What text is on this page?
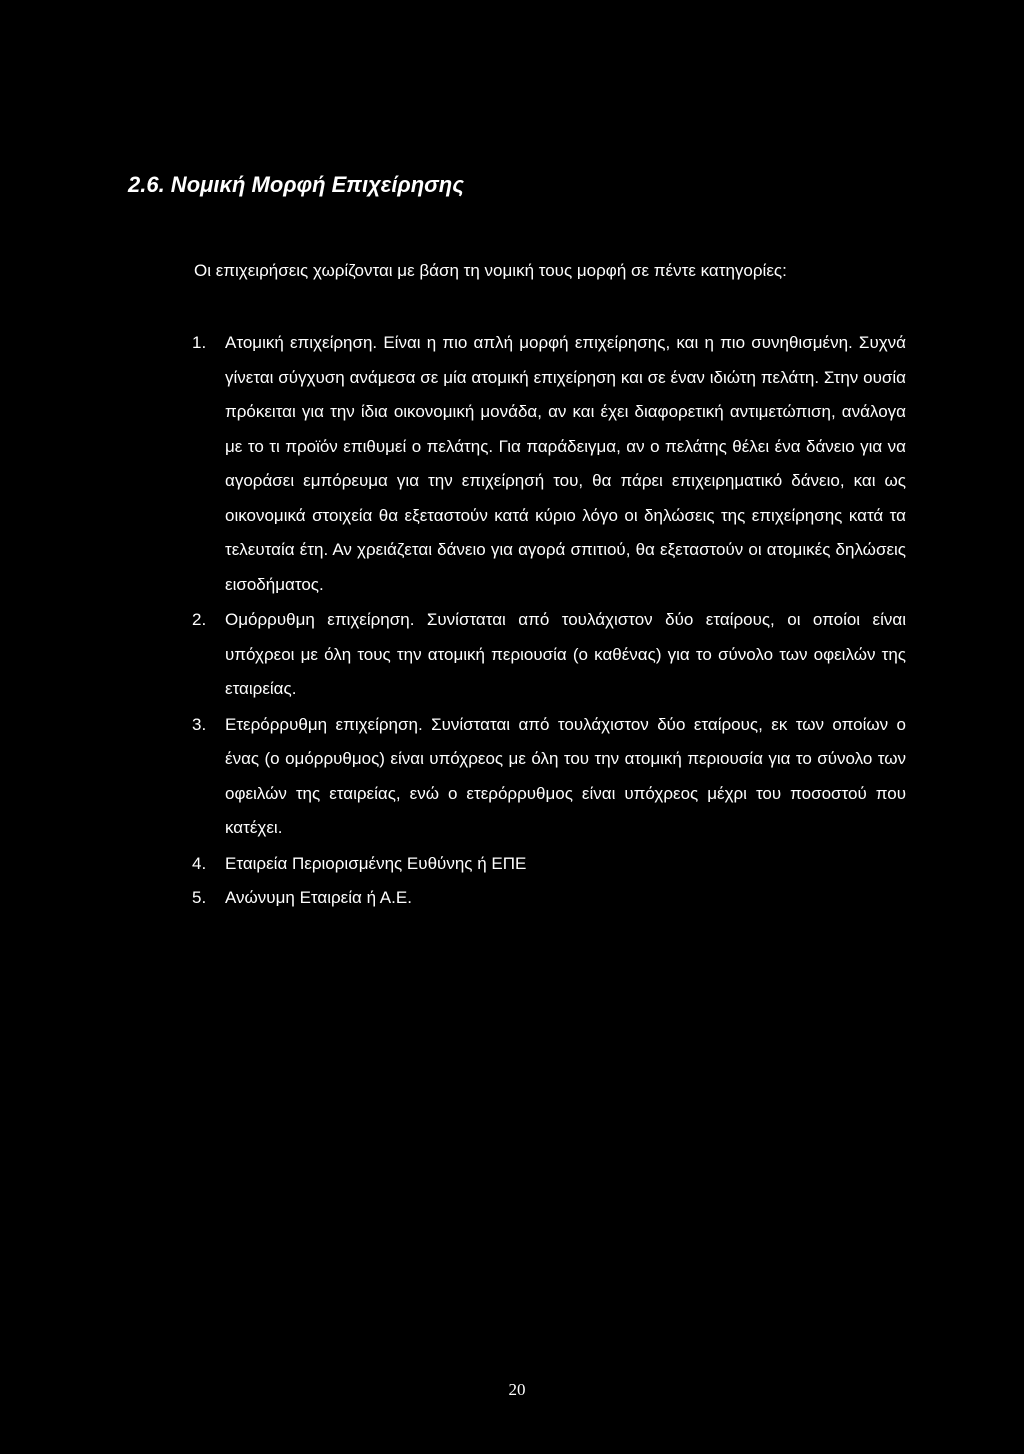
2.6. Νομική Μορφή Επιχείρησης

Οι επιχειρήσεις χωρίζονται με βάση τη νομική τους μορφή σε πέντε κατηγορίες:

1. Ατομική επιχείρηση. Είναι η πιο απλή μορφή επιχείρησης, και η πιο συνηθισμένη. Συχνά γίνεται σύγχυση ανάμεσα σε μία ατομική επιχείρηση και σε έναν ιδιώτη πελάτη. Στην ουσία πρόκειται για την ίδια οικονομική μονάδα, αν και έχει διαφορετική αντιμετώπιση, ανάλογα με το τι προϊόν επιθυμεί ο πελάτης. Για παράδειγμα, αν ο πελάτης θέλει ένα δάνειο για να αγοράσει εμπόρευμα για την επιχείρησή του, θα πάρει επιχειρηματικό δάνειο, και ως οικονομικά στοιχεία θα εξεταστούν κατά κύριο λόγο οι δηλώσεις της επιχείρησης κατά τα τελευταία έτη. Αν χρειάζεται δάνειο για αγορά σπιτιού, θα εξεταστούν οι ατομικές δηλώσεις εισοδήματος.
2. Ομόρρυθμη επιχείρηση. Συνίσταται από τουλάχιστον δύο εταίρους, οι οποίοι είναι υπόχρεοι με όλη τους την ατομική περιουσία (ο καθένας) για το σύνολο των οφειλών της εταιρείας.
3. Ετερόρρυθμη επιχείρηση. Συνίσταται από τουλάχιστον δύο εταίρους, εκ των οποίων ο ένας (ο ομόρρυθμος) είναι υπόχρεος με όλη του την ατομική περιουσία για το σύνολο των οφειλών της εταιρείας, ενώ ο ετερόρρυθμος είναι υπόχρεος μέχρι του ποσοστού που κατέχει.
4. Εταιρεία Περιορισμένης Ευθύνης ή ΕΠΕ
5. Ανώνυμη Εταιρεία ή Α.Ε.

20
